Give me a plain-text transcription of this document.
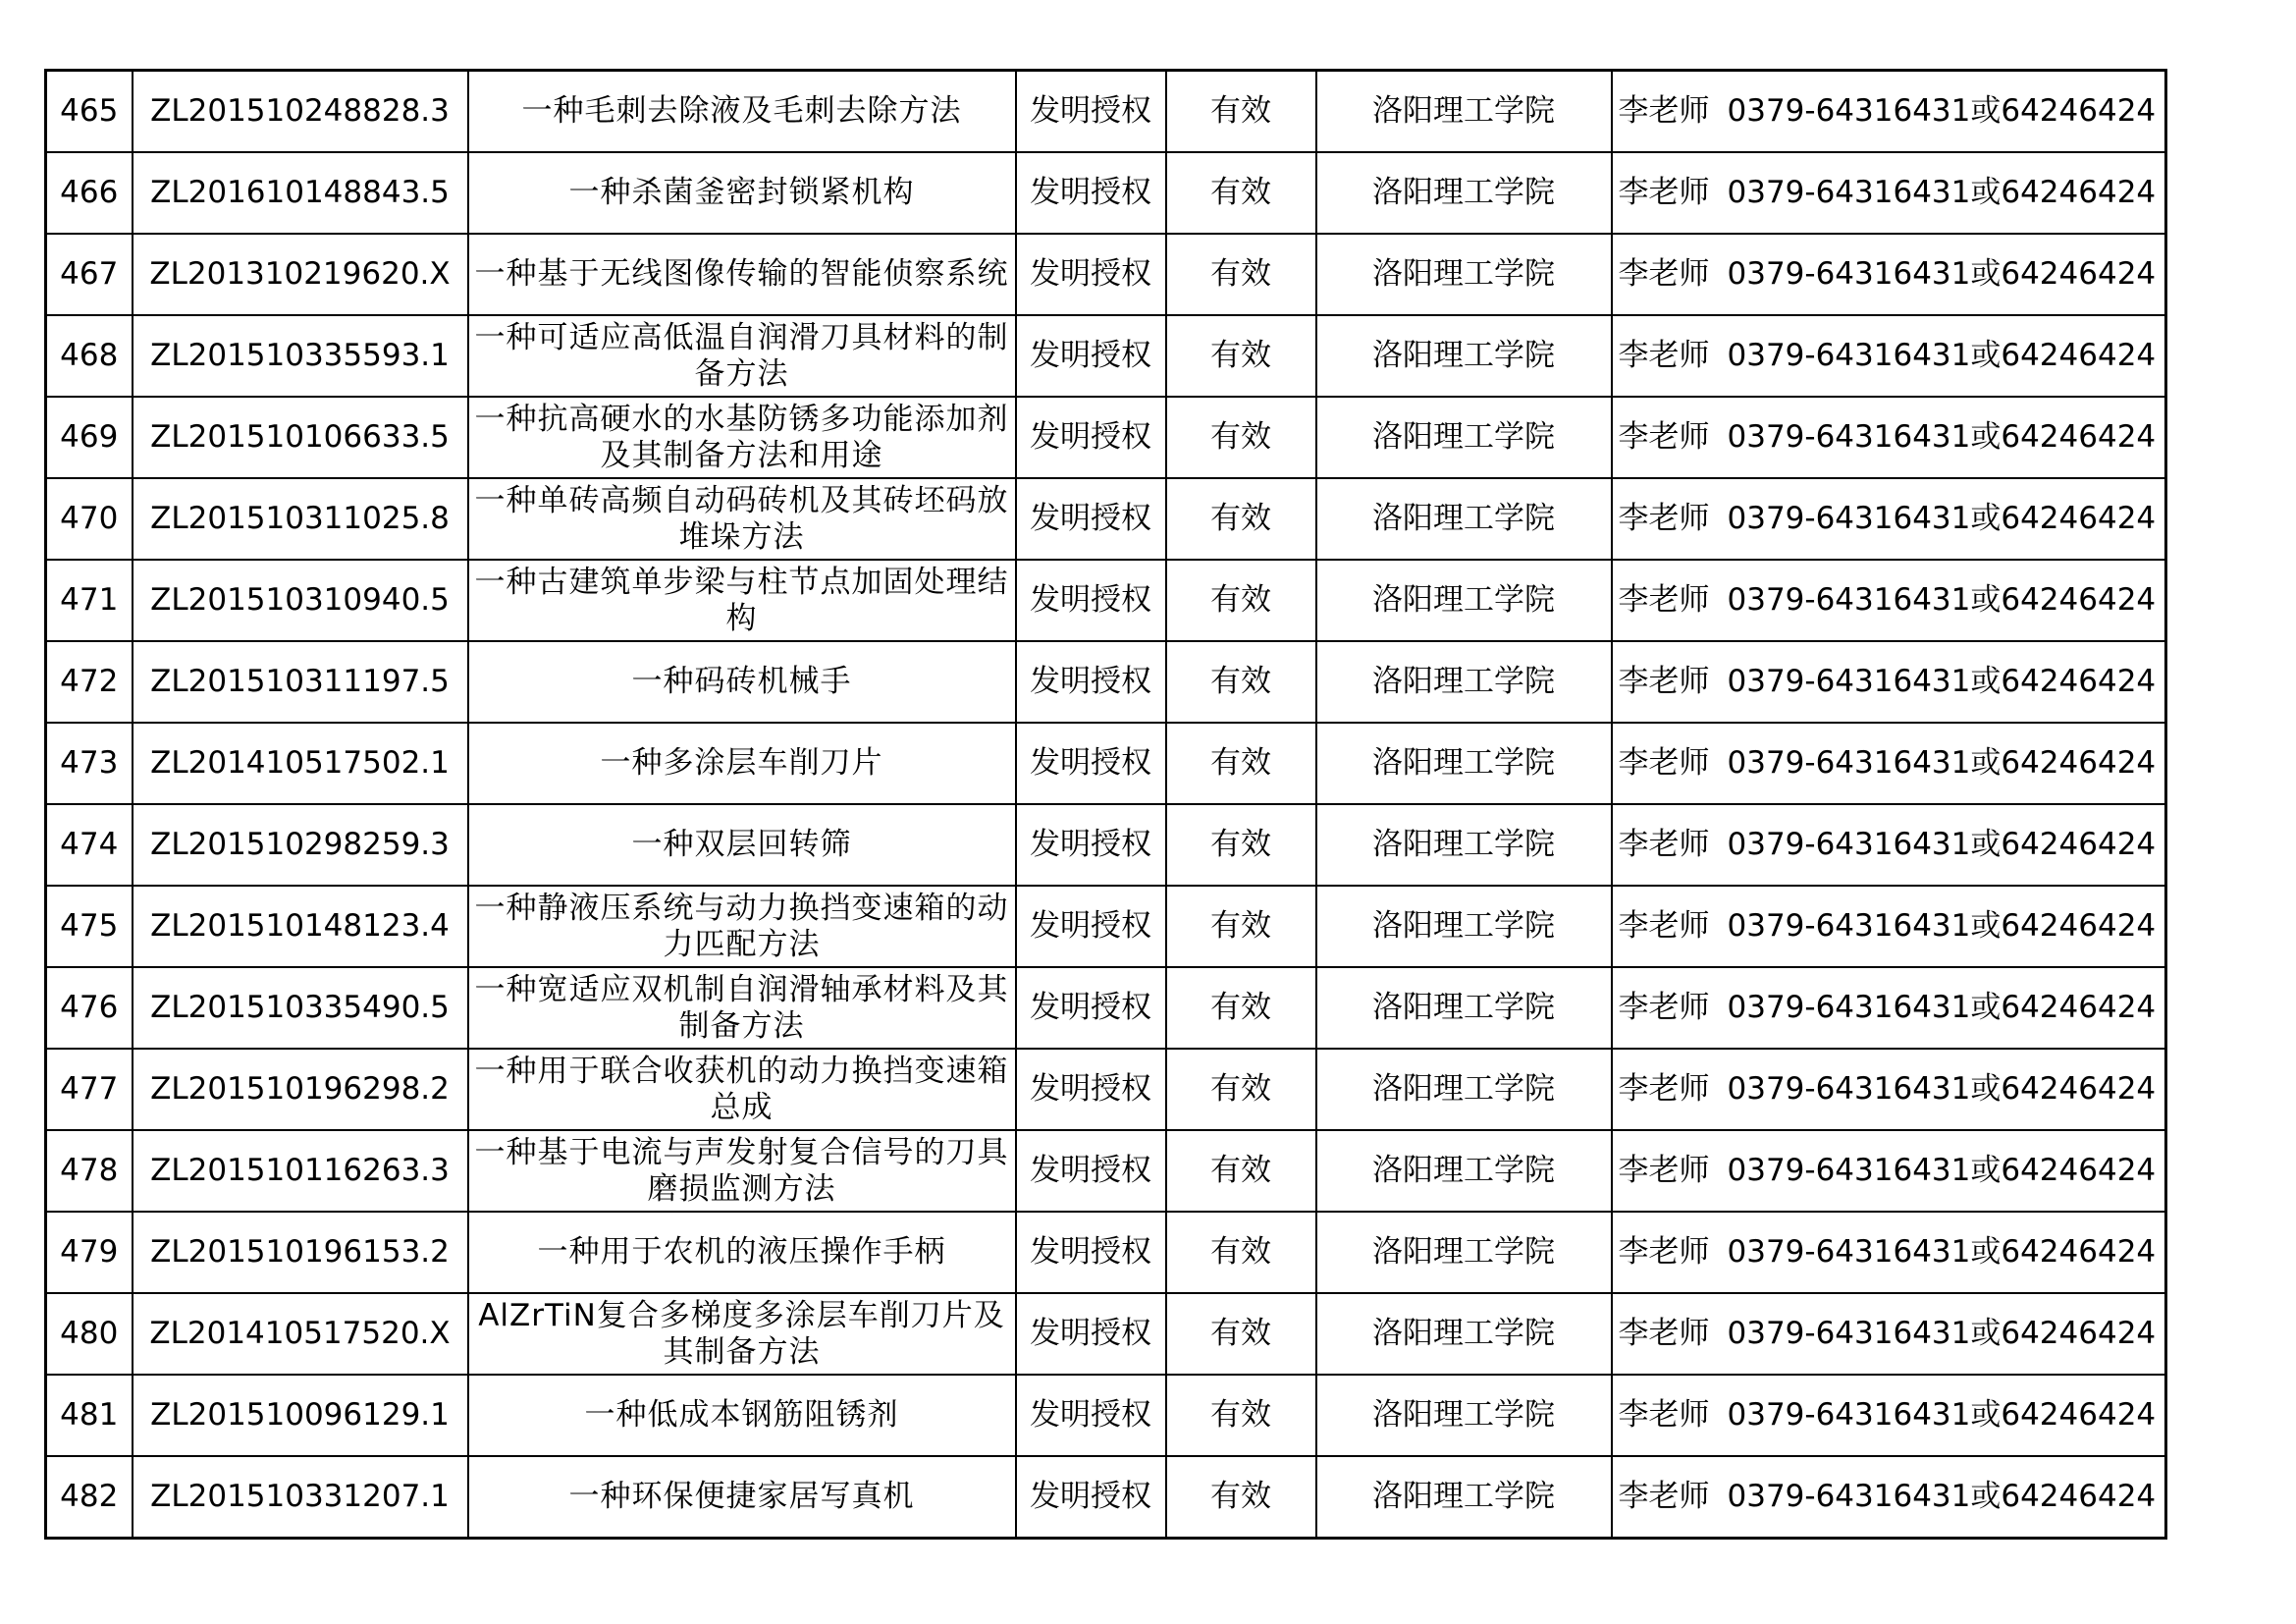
465	ZL201510248828.3	一种毛刺去除液及毛刺去除方法	发明授权	有效	洛阳理工学院	李老师 0379-64316431或64246424
466	ZL201610148843.5	一种杀菌釜密封锁紧机构	发明授权	有效	洛阳理工学院	李老师 0379-64316431或64246424
467	ZL201310219620.X	一种基于无线图像传输的智能侦察系统	发明授权	有效	洛阳理工学院	李老师 0379-64316431或64246424
468	ZL201510335593.1	一种可适应高低温自润滑刀具材料的制备方法	发明授权	有效	洛阳理工学院	李老师 0379-64316431或64246424
469	ZL201510106633.5	一种抗高硬水的水基防锈多功能添加剂及其制备方法和用途	发明授权	有效	洛阳理工学院	李老师 0379-64316431或64246424
470	ZL201510311025.8	一种单砖高频自动码砖机及其砖坯码放堆垛方法	发明授权	有效	洛阳理工学院	李老师 0379-64316431或64246424
471	ZL201510310940.5	一种古建筑单步梁与柱节点加固处理结构	发明授权	有效	洛阳理工学院	李老师 0379-64316431或64246424
472	ZL201510311197.5	一种码砖机械手	发明授权	有效	洛阳理工学院	李老师 0379-64316431或64246424
473	ZL201410517502.1	一种多涂层车削刀片	发明授权	有效	洛阳理工学院	李老师 0379-64316431或64246424
474	ZL201510298259.3	一种双层回转筛	发明授权	有效	洛阳理工学院	李老师 0379-64316431或64246424
475	ZL201510148123.4	一种静液压系统与动力换挡变速箱的动力匹配方法	发明授权	有效	洛阳理工学院	李老师 0379-64316431或64246424
476	ZL201510335490.5	一种宽适应双机制自润滑轴承材料及其制备方法	发明授权	有效	洛阳理工学院	李老师 0379-64316431或64246424
477	ZL201510196298.2	一种用于联合收获机的动力换挡变速箱总成	发明授权	有效	洛阳理工学院	李老师 0379-64316431或64246424
478	ZL201510116263.3	一种基于电流与声发射复合信号的刀具磨损监测方法	发明授权	有效	洛阳理工学院	李老师 0379-64316431或64246424
479	ZL201510196153.2	一种用于农机的液压操作手柄	发明授权	有效	洛阳理工学院	李老师 0379-64316431或64246424
480	ZL201410517520.X	AlZrTiN复合多梯度多涂层车削刀片及其制备方法	发明授权	有效	洛阳理工学院	李老师 0379-64316431或64246424
481	ZL201510096129.1	一种低成本钢筋阻锈剂	发明授权	有效	洛阳理工学院	李老师 0379-64316431或64246424
482	ZL201510331207.1	一种环保便捷家居写真机	发明授权	有效	洛阳理工学院	李老师 0379-64316431或64246424
